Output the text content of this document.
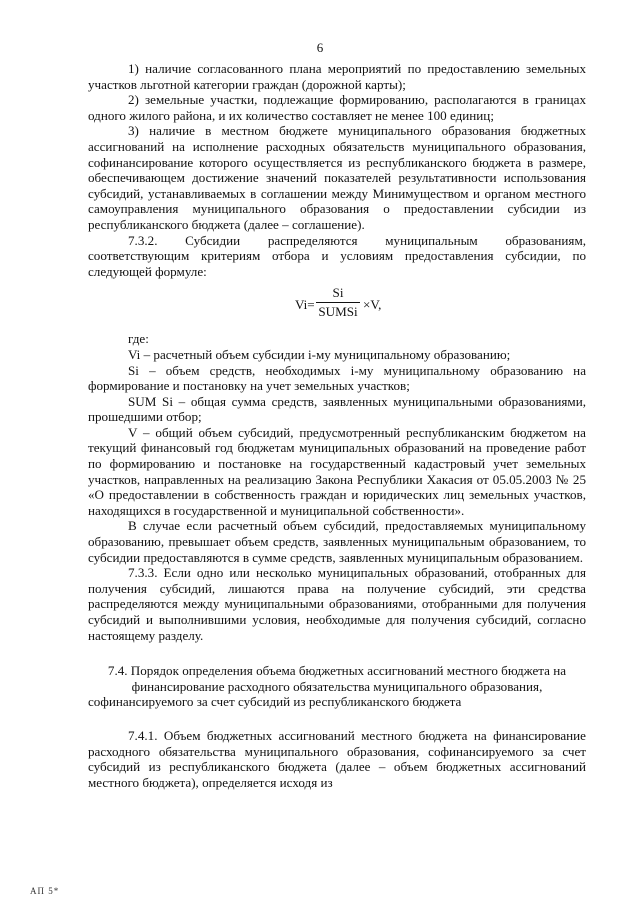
6

1) наличие согласованного плана мероприятий по предоставлению земельных участков льготной категории граждан (дорожной карты);

2) земельные участки, подлежащие формированию, располагаются в границах одного жилого района, и их количество составляет не менее 100 единиц;

3) наличие в местном бюджете муниципального образования бюджетных ассигнований на исполнение расходных обязательств муниципального образования, софинансирование которого осуществляется из республиканского бюджета в размере, обеспечивающем достижение значений показателей результативности использования субсидий, устанавливаемых в соглашении между Минимуществом и органом местного самоуправления муниципального образования о предоставлении субсидии из республиканского бюджета (далее – соглашение).

7.3.2. Субсидии распределяются муниципальным образованиям, соответствующим критериям отбора и условиям предоставления субсидии, по следующей формуле:

Vi=
Si
SUMSi ×V,

где:

Vi – расчетный объем субсидии i-му муниципальному образованию;

Si – объем средств, необходимых i-му муниципальному образованию на формирование и постановку на учет земельных участков;

SUM Si – общая сумма средств, заявленных муниципальными образованиями, прошедшими отбор;

V – общий объем субсидий, предусмотренный республиканским бюджетом на текущий финансовый год бюджетам муниципальных образований на проведение работ по формированию и постановке на государственный кадастровый учет земельных участков, направленных на реализацию Закона Республики Хакасия от 05.05.2003 № 25 «О предоставлении в собственность граждан и юридических лиц земельных участков, находящихся в государственной и муниципальной собственности».

В случае если расчетный объем субсидий, предоставляемых муниципальному образованию, превышает объем средств, заявленных муниципальным образованием, то субсидии предоставляются в сумме средств, заявленных муниципальным образованием.

7.3.3. Если одно или несколько муниципальных образований, отобранных для получения субсидий, лишаются права на получение субсидий, эти средства распределяются между муниципальными образованиями, отобранными для получения субсидий и выполнившими условия, необходимые для получения субсидий, согласно настоящему разделу.

7.4. Порядок определения объема бюджетных ассигнований местного бюджета на финансирование расходного обязательства муниципального образования, софинансируемого за счет субсидий из республиканского бюджета

7.4.1. Объем бюджетных ассигнований местного бюджета на финансирование расходного обязательства муниципального образования, софинансируемого за счет субсидий из республиканского бюджета (далее – объем бюджетных ассигнований местного бюджета), определяется исходя из

АП 5*
